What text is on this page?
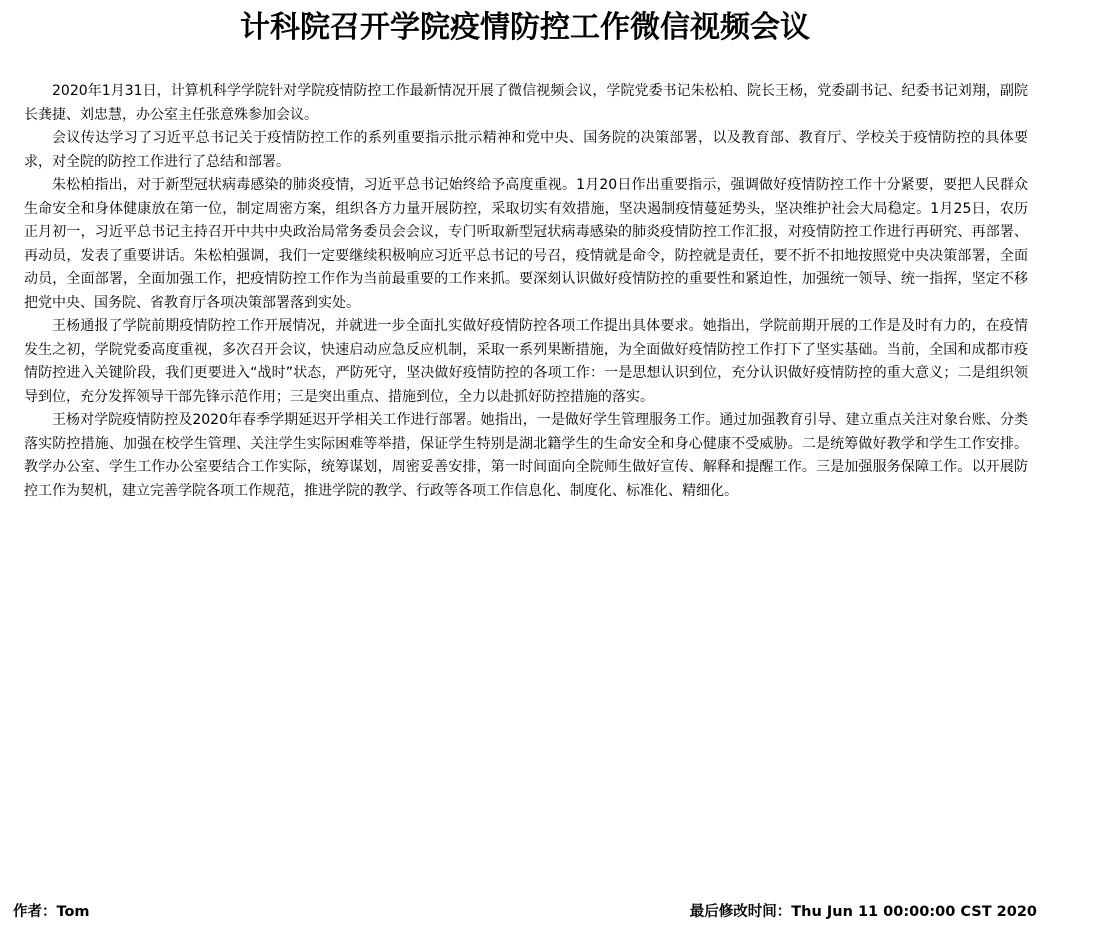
计科院召开学院疫情防控工作微信视频会议

2020年1月31日，计算机科学学院针对学院疫情防控工作最新情况开展了微信视频会议，学院党委书记朱松柏、院长王杨，党委副书记、纪委书记刘翔，副院长龚捷、刘忠慧，办公室主任张意殊参加会议。

会议传达学习了习近平总书记关于疫情防控工作的系列重要指示批示精神和党中央、国务院的决策部署，以及教育部、教育厅、学校关于疫情防控的具体要求，对全院的防控工作进行了总结和部署。

朱松柏指出，对于新型冠状病毒感染的肺炎疫情，习近平总书记始终给予高度重视。1月20日作出重要指示，强调做好疫情防控工作十分紧要，要把人民群众生命安全和身体健康放在第一位，制定周密方案，组织各方力量开展防控，采取切实有效措施，坚决遏制疫情蔓延势头，坚决维护社会大局稳定。1月25日，农历正月初一，习近平总书记主持召开中共中央政治局常务委员会会议，专门听取新型冠状病毒感染的肺炎疫情防控工作汇报，对疫情防控工作进行再研究、再部署、再动员，发表了重要讲话。朱松柏强调，我们一定要继续积极响应习近平总书记的号召，疫情就是命令，防控就是责任，要不折不扣地按照党中央决策部署，全面动员，全面部署，全面加强工作，把疫情防控工作作为当前最重要的工作来抓。要深刻认识做好疫情防控的重要性和紧迫性，加强统一领导、统一指挥，坚定不移把党中央、国务院、省教育厅各项决策部署落到实处。

王杨通报了学院前期疫情防控工作开展情况，并就进一步全面扎实做好疫情防控各项工作提出具体要求。她指出，学院前期开展的工作是及时有力的，在疫情发生之初，学院党委高度重视，多次召开会议，快速启动应急反应机制，采取一系列果断措施，为全面做好疫情防控工作打下了坚实基础。当前，全国和成都市疫情防控进入关键阶段，我们更要进入“战时”状态，严防死守，坚决做好疫情防控的各项工作：一是思想认识到位，充分认识做好疫情防控的重大意义；二是组织领导到位，充分发挥领导干部先锋示范作用；三是突出重点、措施到位，全力以赴抓好防控措施的落实。

王杨对学院疫情防控及2020年春季学期延迟开学相关工作进行部署。她指出，一是做好学生管理服务工作。通过加强教育引导、建立重点关注对象台账、分类落实防控措施、加强在校学生管理、关注学生实际困难等举措，保证学生特别是湖北籍学生的生命安全和身心健康不受威胁。二是统筹做好教学和学生工作安排。教学办公室、学生工作办公室要结合工作实际，统筹谋划，周密妥善安排，第一时间面向全院师生做好宣传、解释和提醒工作。三是加强服务保障工作。以开展防控工作为契机，建立完善学院各项工作规范，推进学院的教学、行政等各项工作信息化、制度化、标准化、精细化。

作者：Tom	最后修改时间：Thu Jun 11 00:00:00 CST 2020
